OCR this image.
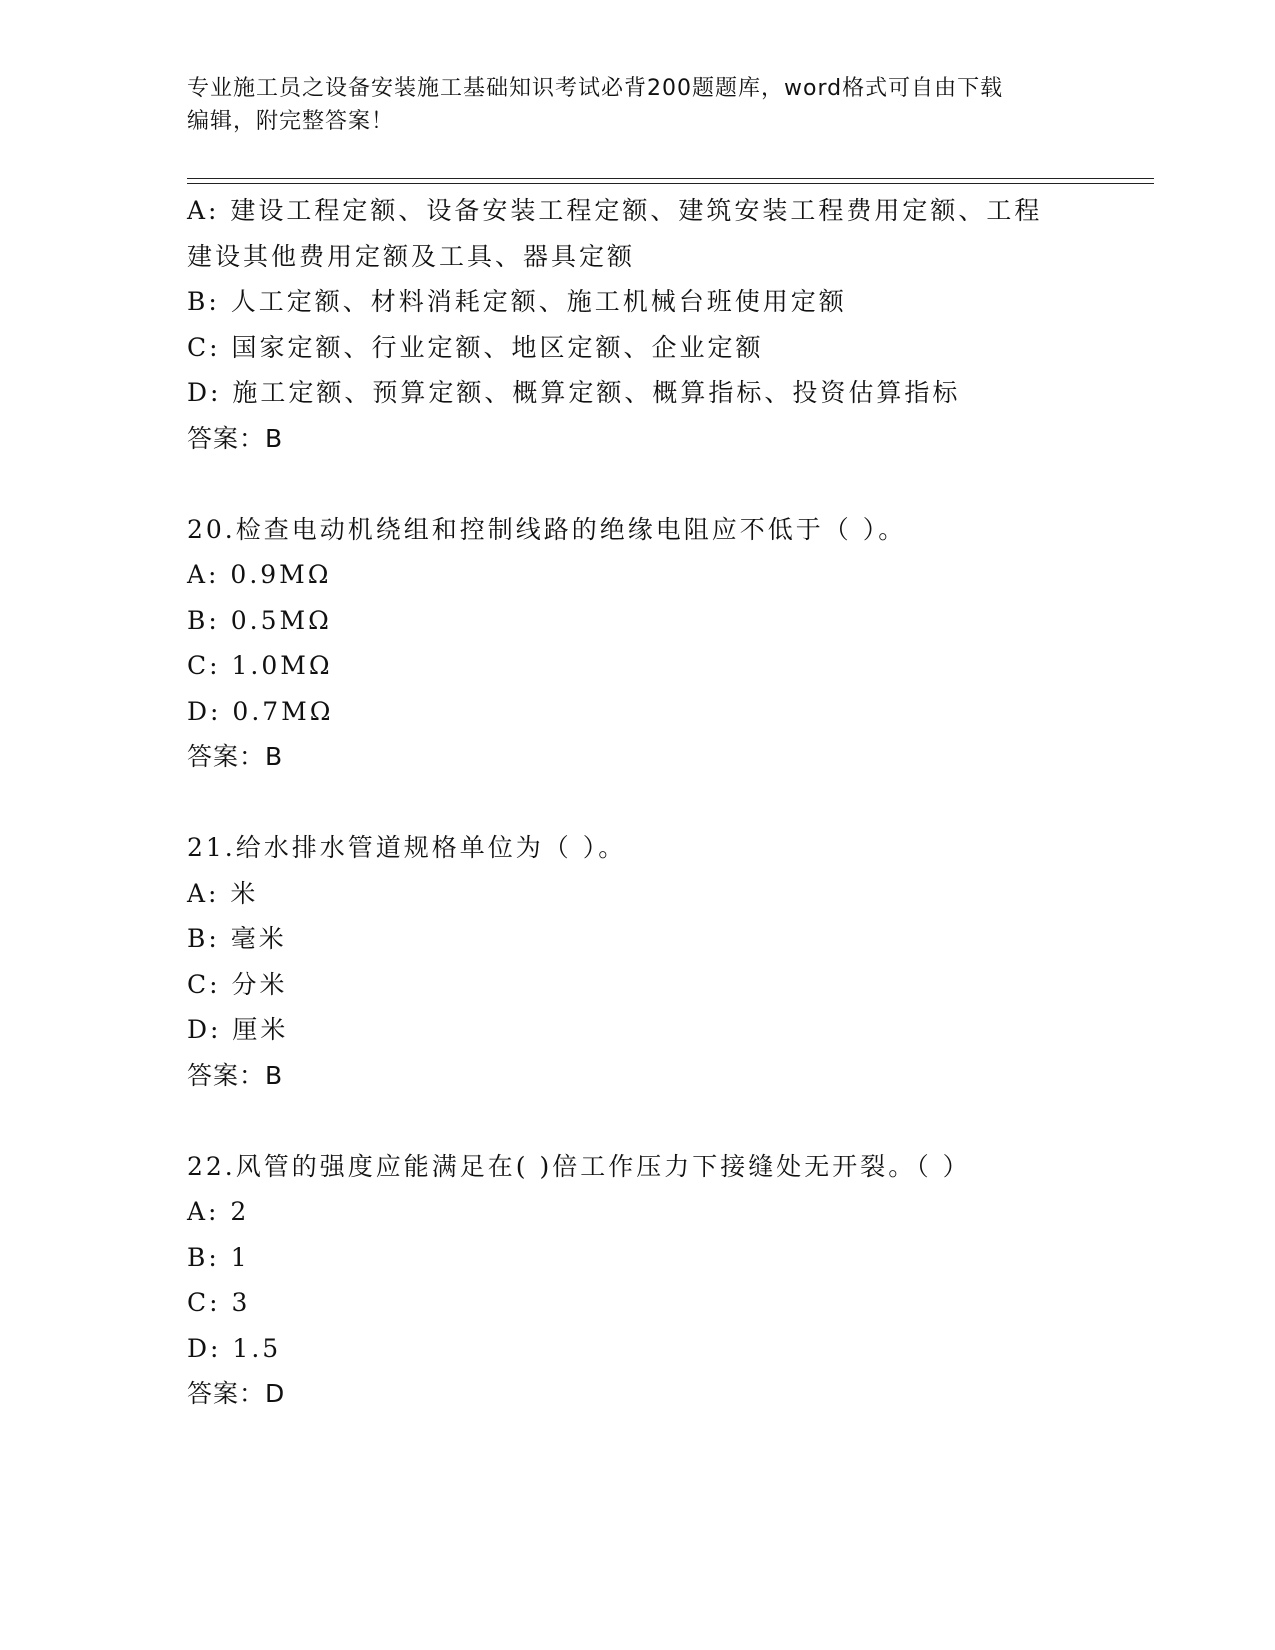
专业施工员之设备安装施工基础知识考试必背200题题库，word格式可自由下载
编辑，附完整答案！
A: 建设工程定额、设备安装工程定额、建筑安装工程费用定额、工程
建设其他费用定额及工具、器具定额
B: 人工定额、材料消耗定额、施工机械台班使用定额
C: 国家定额、行业定额、地区定额、企业定额
D: 施工定额、预算定额、概算定额、概算指标、投资估算指标
答案：B
20.检查电动机绕组和控制线路的绝缘电阻应不低于（ ）。
A: 0.9MΩ
B: 0.5MΩ
C: 1.0MΩ
D: 0.7MΩ
答案：B
21.给水排水管道规格单位为（ ）。
A: 米
B: 毫米
C: 分米
D: 厘米
答案：B
22.风管的强度应能满足在( )倍工作压力下接缝处无开裂。（ ）
A: 2
B: 1
C: 3
D: 1.5
答案：D
